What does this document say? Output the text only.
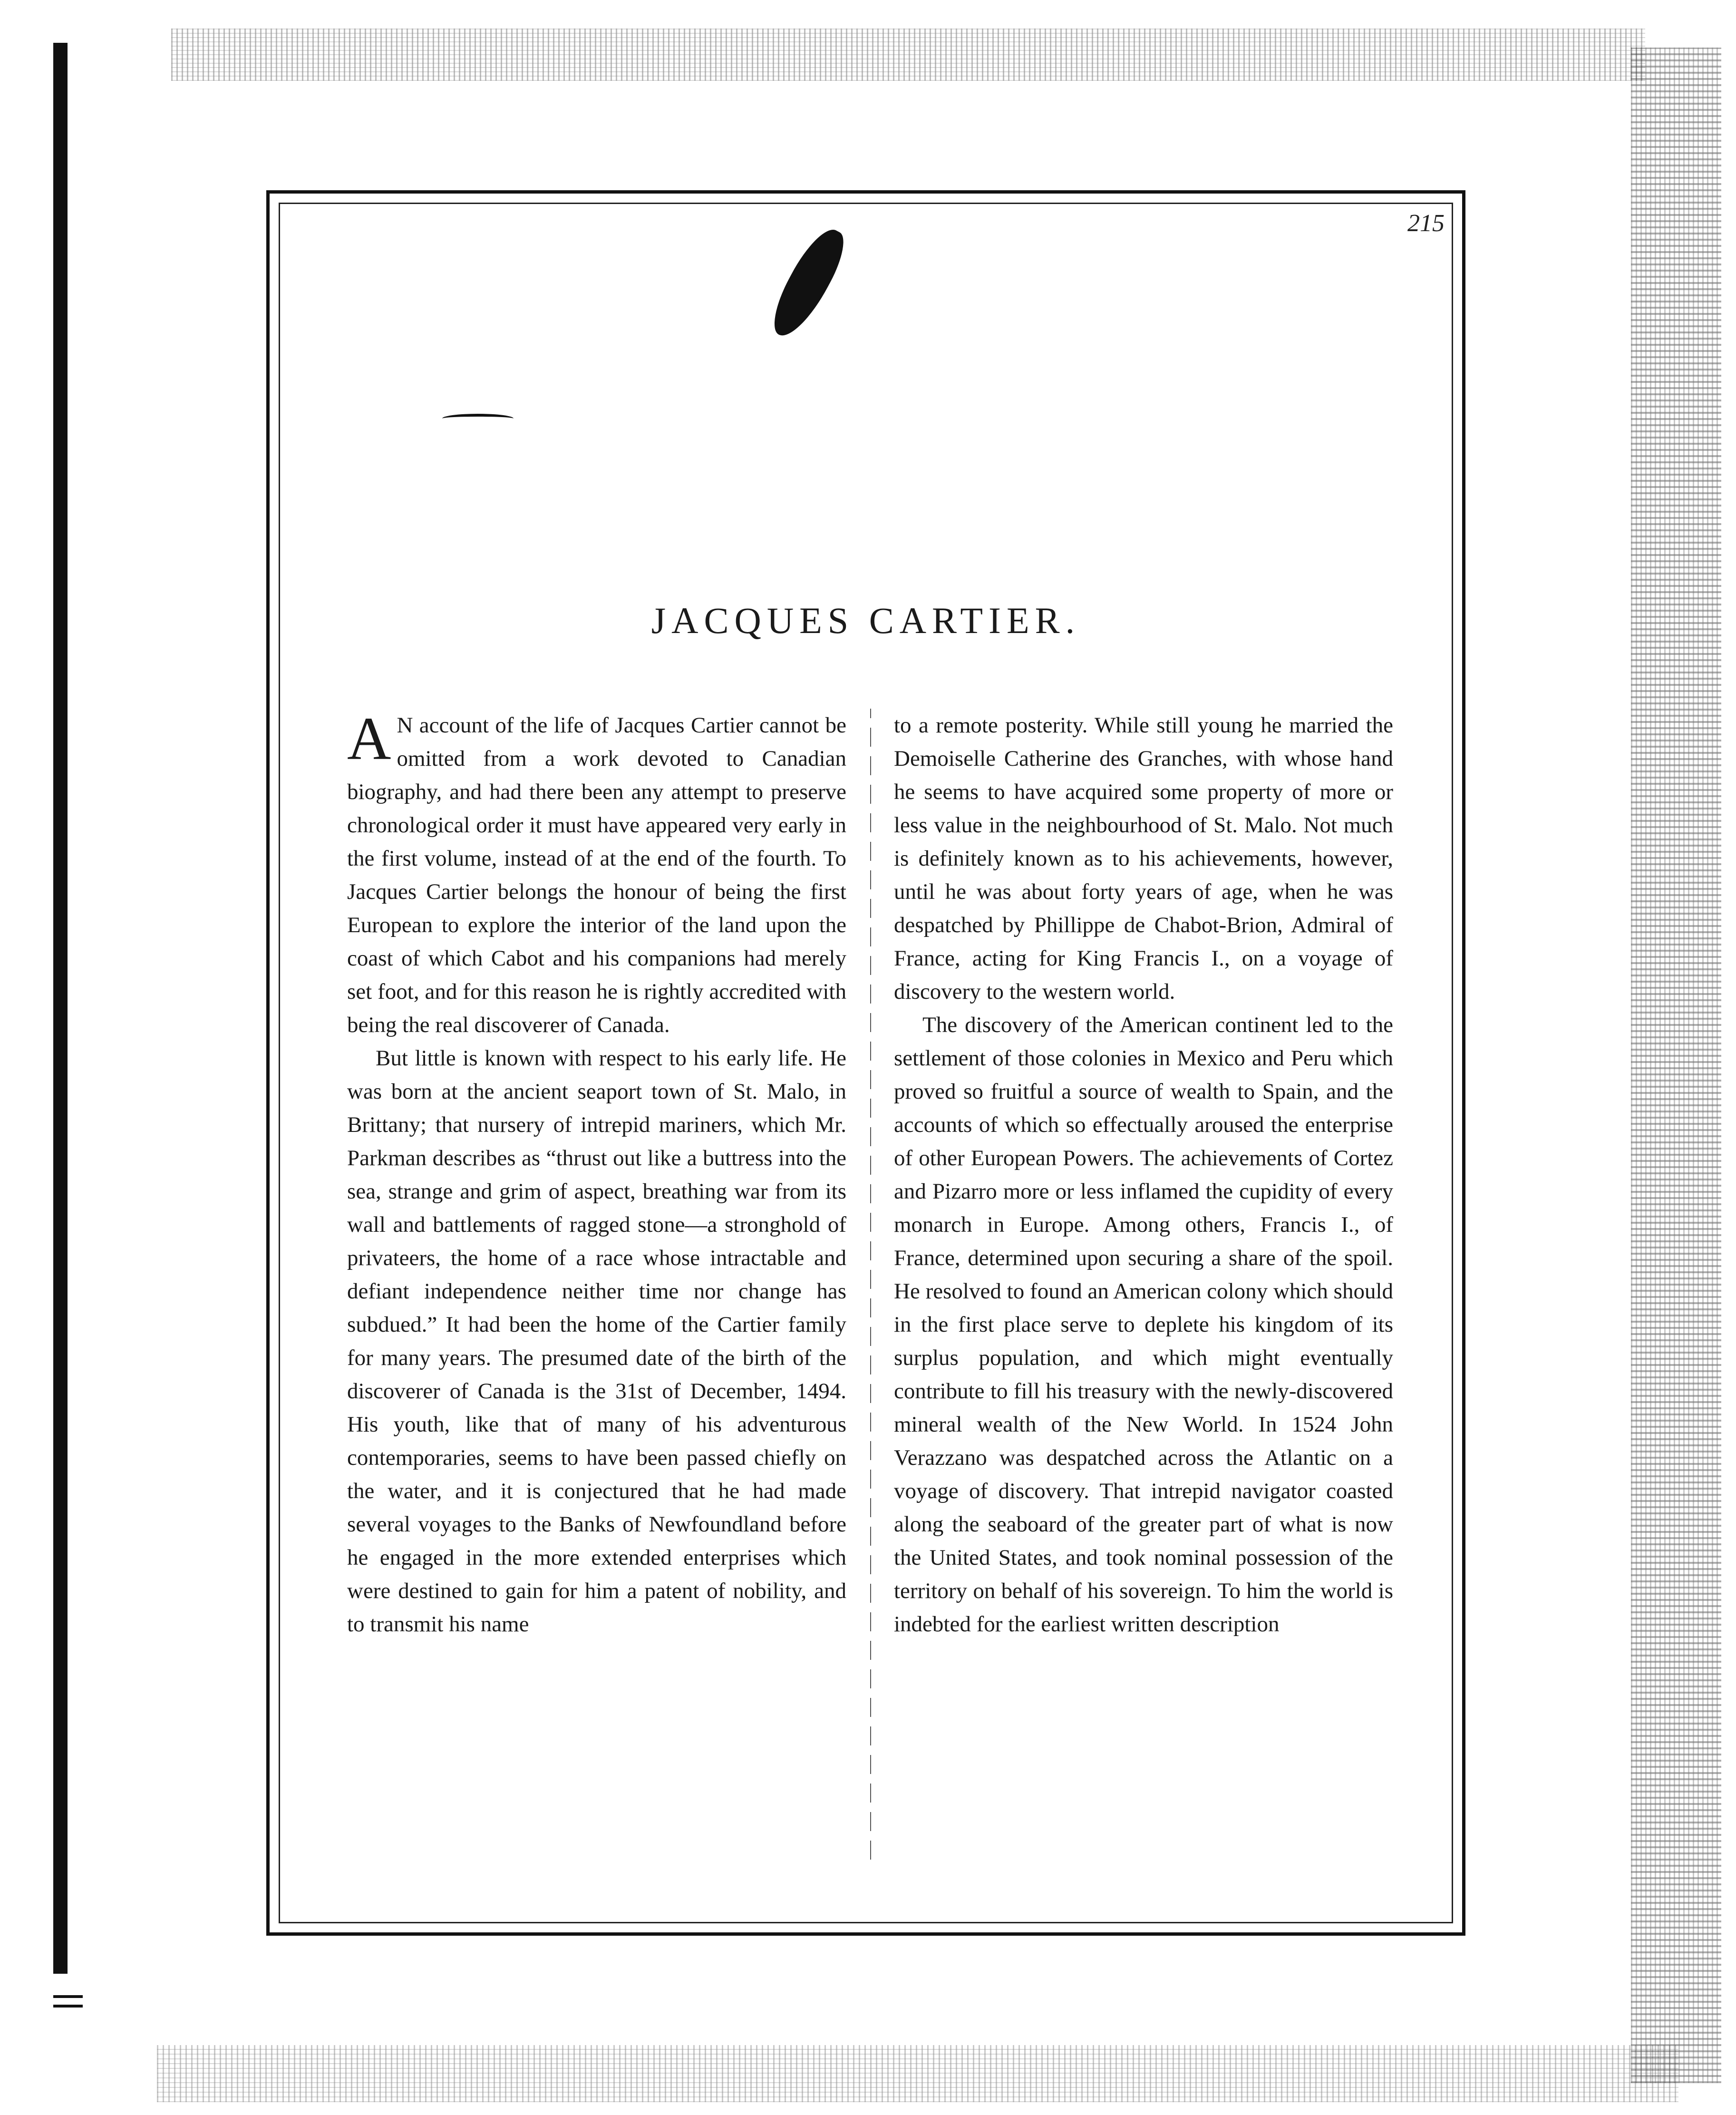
215
JACQUES CARTIER.

A N account of the life of Jacques Cartier cannot be omitted from a work devoted to Canadian biography, and had there been any attempt to preserve chronological order it must have appeared very early in the first volume, instead of at the end of the fourth. To Jacques Cartier belongs the honour of being the first European to explore the interior of the land upon the coast of which Cabot and his companions had merely set foot, and for this reason he is rightly accredited with being the real discoverer of Canada.

But little is known with respect to his early life. He was born at the ancient seaport town of St. Malo, in Brittany; that nursery of intrepid mariners, which Mr. Parkman describes as “thrust out like a buttress into the sea, strange and grim of aspect, breathing war from its wall and battlements of ragged stone—a stronghold of privateers, the home of a race whose intractable and defiant independence neither time nor change has subdued.” It had been the home of the Cartier family for many years. The presumed date of the birth of the discoverer of Canada is the 31st of December, 1494. His youth, like that of many of his adventurous contemporaries, seems to have been passed chiefly on the water, and it is conjectured that he had made several voyages to the Banks of Newfoundland before he engaged in the more extended enterprises which were destined to gain for him a patent of nobility, and to transmit his name

to a remote posterity. While still young he married the Demoiselle Catherine des Granches, with whose hand he seems to have acquired some property of more or less value in the neighbourhood of St. Malo. Not much is definitely known as to his achievements, however, until he was about forty years of age, when he was despatched by Phillippe de Chabot-Brion, Admiral of France, acting for King Francis I., on a voyage of discovery to the western world.

The discovery of the American continent led to the settlement of those colonies in Mexico and Peru which proved so fruitful a source of wealth to Spain, and the accounts of which so effectually aroused the enterprise of other European Powers. The achievements of Cortez and Pizarro more or less inflamed the cupidity of every monarch in Europe. Among others, Francis I., of France, determined upon securing a share of the spoil. He resolved to found an American colony which should in the first place serve to deplete his kingdom of its surplus population, and which might eventually contribute to fill his treasury with the newly-discovered mineral wealth of the New World. In 1524 John Verazzano was despatched across the Atlantic on a voyage of discovery. That intrepid navigator coasted along the seaboard of the greater part of what is now the United States, and took nominal possession of the territory on behalf of his sovereign. To him the world is indebted for the earliest written description
